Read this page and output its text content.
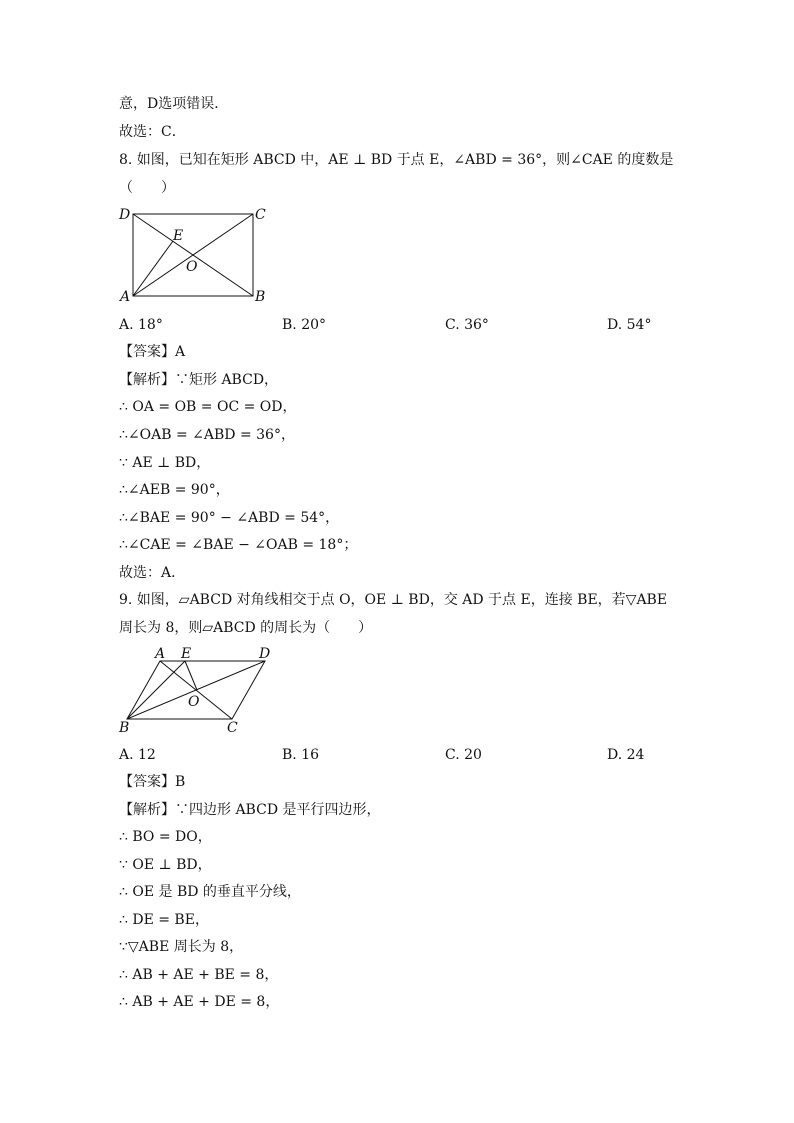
意，D选项错误．
故选：C．
8. 如图，已知在矩形 ABCD 中，AE ⊥ BD 于点 E，∠ABD = 36°，则∠CAE 的度数是
（　　）
D	C
E
O
A	B
A. 18°	B. 20°	C. 36°	D. 54°
【答案】A
【解析】∵矩形 ABCD，
∴ OA = OB = OC = OD，
∴∠OAB = ∠ABD = 36°，
∵ AE ⊥ BD，
∴∠AEB = 90°，
∴∠BAE = 90° − ∠ABD = 54°，
∴∠CAE = ∠BAE − ∠OAB = 18°；
故选：A．
9. 如图，▱ABCD 对角线相交于点 O，OE ⊥ BD，交 AD 于点 E，连接 BE，若▽ABE
周长为 8，则▱ABCD 的周长为（　　）
A E	D
O
B	C
A. 12	B. 16	C. 20	D. 24
【答案】B
【解析】∵四边形 ABCD 是平行四边形，
∴ BO = DO，
∵ OE ⊥ BD，
∴ OE 是 BD 的垂直平分线，
∴ DE = BE，
∵▽ABE 周长为 8，
∴ AB + AE + BE = 8，
∴ AB + AE + DE = 8，
